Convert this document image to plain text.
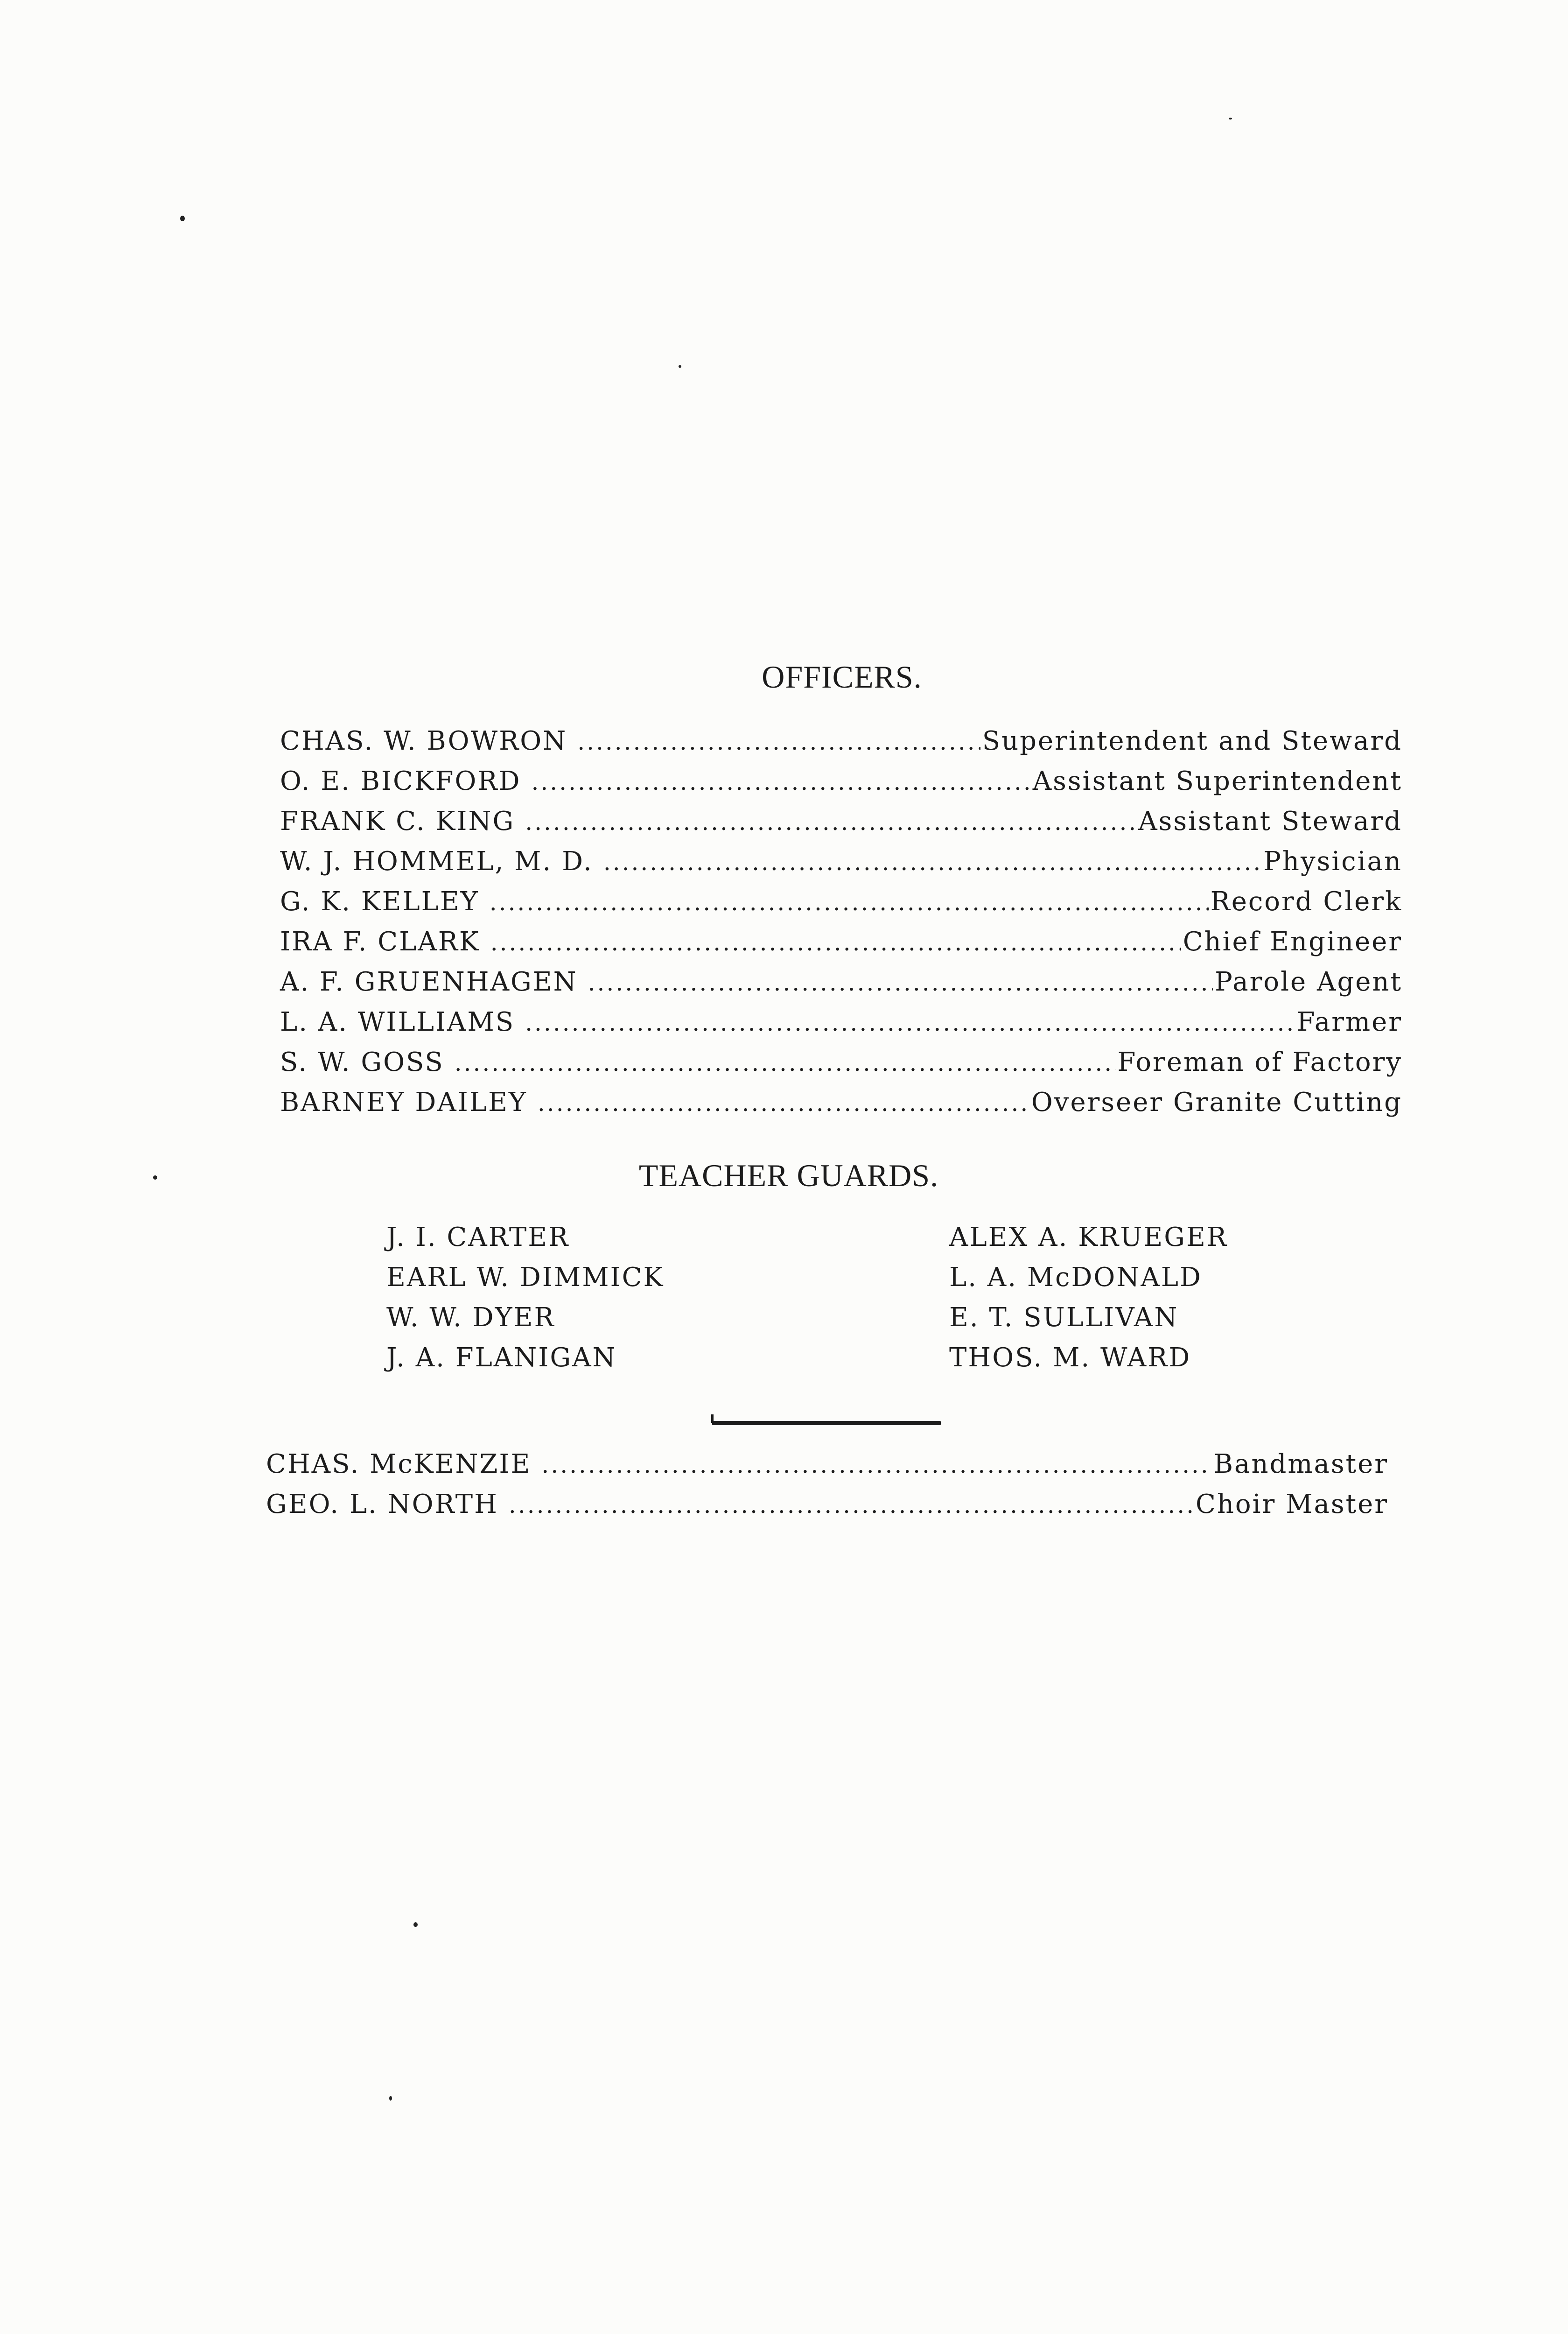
OFFICERS.
CHAS. W. BOWRON .....	Superintendent and Steward
O. E. BICKFORD .....	Assistant Superintendent
FRANK C. KING .....	Assistant Steward
W. J. HOMMEL, M. D. .....	Physician
G. K. KELLEY .....	Record Clerk
IRA F. CLARK .....	Chief Engineer
A. F. GRUENHAGEN .....	Parole Agent
L. A. WILLIAMS .....	Farmer
S. W. GOSS .....	Foreman of Factory
BARNEY DAILEY .....	Overseer Granite Cutting
TEACHER GUARDS.
J. I. CARTER
EARL W. DIMMICK
W. W. DYER
J. A. FLANIGAN
ALEX A. KRUEGER
L. A. McDONALD
E. T. SULLIVAN
THOS. M. WARD
CHAS. McKENZIE .....	Bandmaster
GEO. L. NORTH .....	Choir Master
